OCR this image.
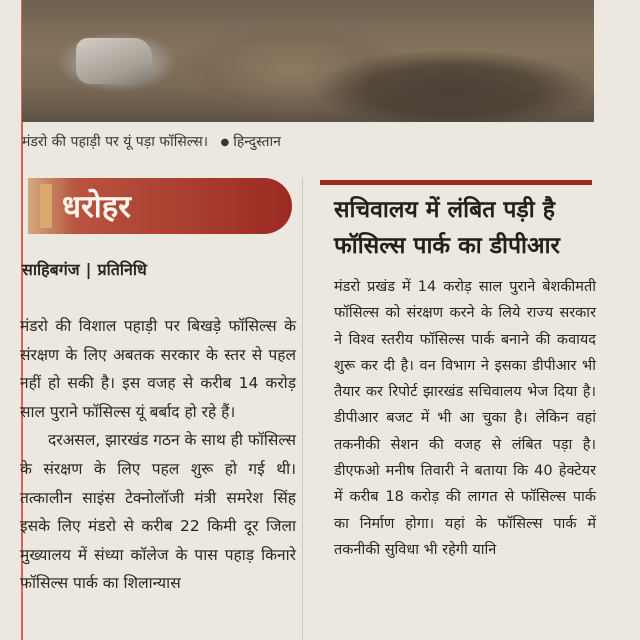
मंडरो की पहाड़ी पर यूं पड़ा फॉसिल्स। ● हिन्दुस्तान
धरोहर
साहिबगंज | प्रतिनिधि

मंडरो की विशाल पहाड़ी पर बिखड़े फॉसिल्स के संरक्षण के लिए अबतक सरकार के स्तर से पहल नहीं हो सकी है। इस वजह से करीब 14 करोड़ साल पुराने फॉसिल्स यूं बर्बाद हो रहे हैं।

दरअसल, झारखंड गठन के साथ ही फॉसिल्स के संरक्षण के लिए पहल शुरू हो गई थी। तत्कालीन साइंस टेक्नोलॉजी मंत्री समरेश सिंह इसके लिए मंडरो से करीब 22 किमी दूर जिला मुख्यालय में संध्या कॉलेज के पास पहाड़ किनारे फॉसिल्स पार्क का शिलान्यास

सचिवालय में लंबित पड़ी है
फॉसिल्स पार्क का डीपीआर

मंडरो प्रखंड में 14 करोड़ साल पुराने बेशकीमती फॉसिल्स को संरक्षण करने के लिये राज्य सरकार ने विश्व स्तरीय फॉसिल्स पार्क बनाने की कवायद शुरू कर दी है। वन विभाग ने इसका डीपीआर भी तैयार कर रिपोर्ट झारखंड सचिवालय भेज दिया है। डीपीआर बजट में भी आ चुका है। लेकिन वहां तकनीकी सेशन की वजह से लंबित पड़ा है। डीएफओ मनीष तिवारी ने बताया कि 40 हेक्टेयर में करीब 18 करोड़ की लागत से फॉसिल्स पार्क का निर्माण होगा। यहां के फॉसिल्स पार्क में तकनीकी सुविधा भी रहेगी यानि
